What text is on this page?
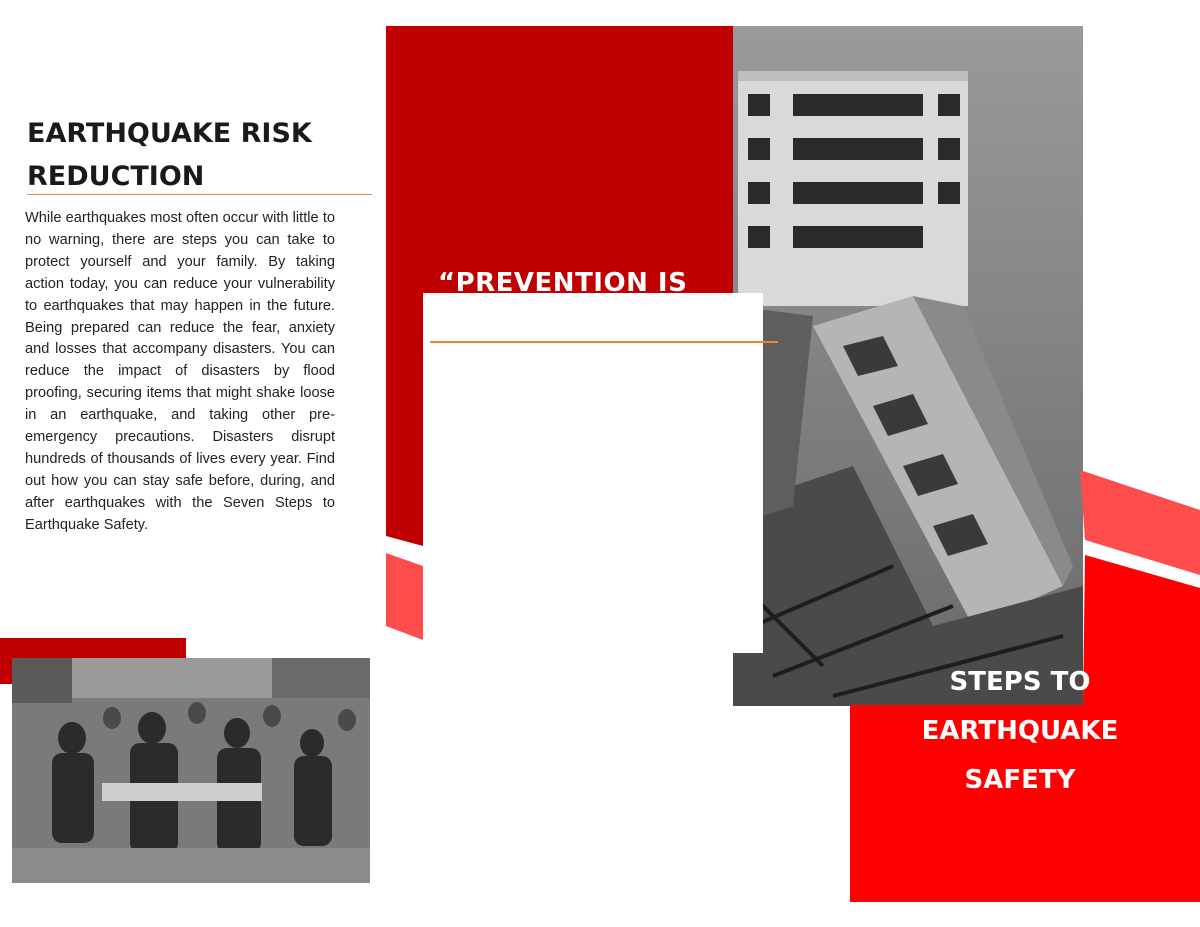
“PREVENTION IS
STEPS TO
EARTHQUAKE
SAFETY
EARTHQUAKE RISK REDUCTION
While earthquakes most often occur with little to no warning, there are steps you can take to protect yourself and your family. By taking action today, you can reduce your vulnerability to earthquakes that may happen in the future. Being prepared can reduce the fear, anxiety and losses that accompany disasters. You can reduce the impact of disasters by flood proofing, securing items that might shake loose in an earthquake, and taking other pre-emergency precautions. Disasters disrupt hundreds of thousands of lives every year. Find out how you can stay safe before, during, and after earthquakes with the Seven Steps to Earthquake Safety.
